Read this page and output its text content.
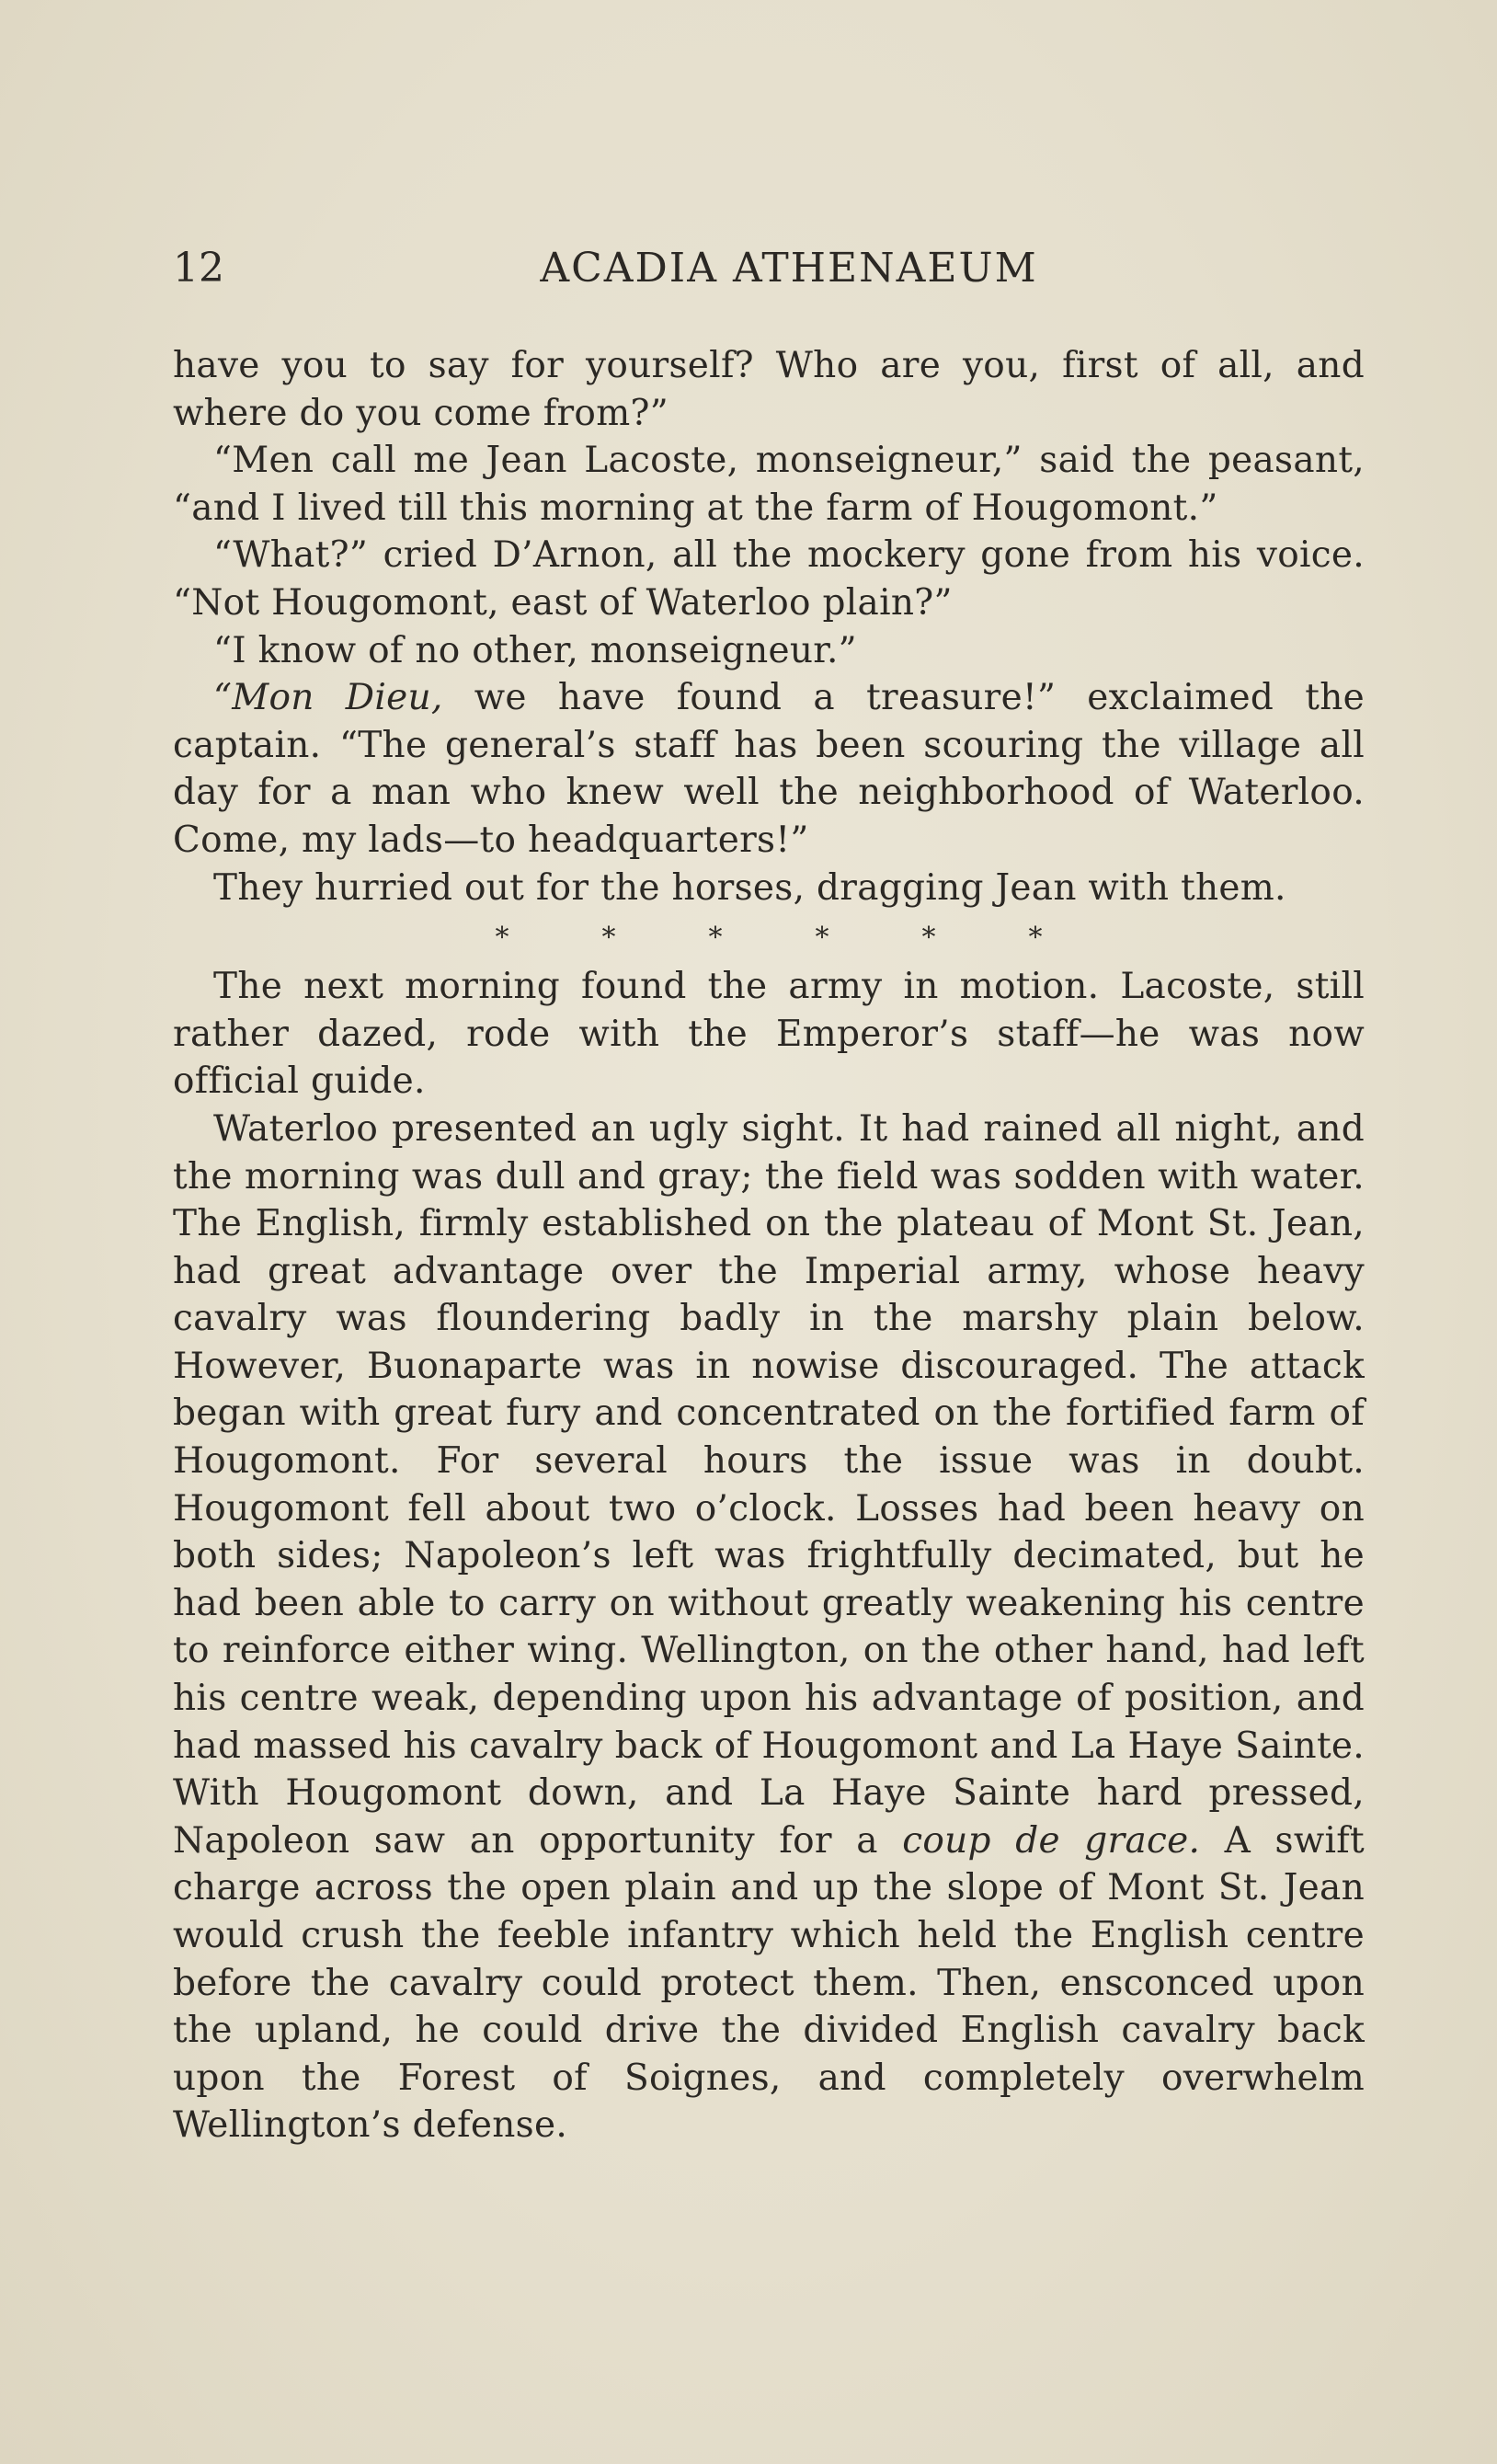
12	ACADIA ATHENAEUM

have you to say for yourself? Who are you, first of all, and where do you come from?”

“Men call me Jean Lacoste, monseigneur,” said the peasant, “and I lived till this morning at the farm of Hougomont.”

“What?” cried D’Arnon, all the mockery gone from his voice. “Not Hougomont, east of Waterloo plain?”

“I know of no other, monseigneur.”

“Mon Dieu, we have found a treasure!” exclaimed the captain. “The general’s staff has been scouring the village all day for a man who knew well the neighborhood of Waterloo. Come, my lads—to headquarters!”

They hurried out for the horses, dragging Jean with them.

*	*	*	*	*	*

The next morning found the army in motion. Lacoste, still rather dazed, rode with the Emperor’s staff—he was now official guide.

Waterloo presented an ugly sight. It had rained all night, and the morning was dull and gray; the field was sodden with water. The English, firmly established on the plateau of Mont St. Jean, had great advantage over the Imperial army, whose heavy cavalry was floundering badly in the marshy plain below. However, Buonaparte was in nowise discouraged. The attack began with great fury and concentrated on the fortified farm of Hougomont. For several hours the issue was in doubt. Hougomont fell about two o’clock. Losses had been heavy on both sides; Napoleon’s left was frightfully decimated, but he had been able to carry on without greatly weakening his centre to reinforce either wing. Wellington, on the other hand, had left his centre weak, depending upon his advantage of position, and had massed his cavalry back of Hougomont and La Haye Sainte. With Hougomont down, and La Haye Sainte hard pressed, Napoleon saw an opportunity for a coup de grace. A swift charge across the open plain and up the slope of Mont St. Jean would crush the feeble infantry which held the English centre before the cavalry could protect them. Then, ensconced upon the upland, he could drive the divided English cavalry back upon the Forest of Soignes, and completely overwhelm Wellington’s defense.
